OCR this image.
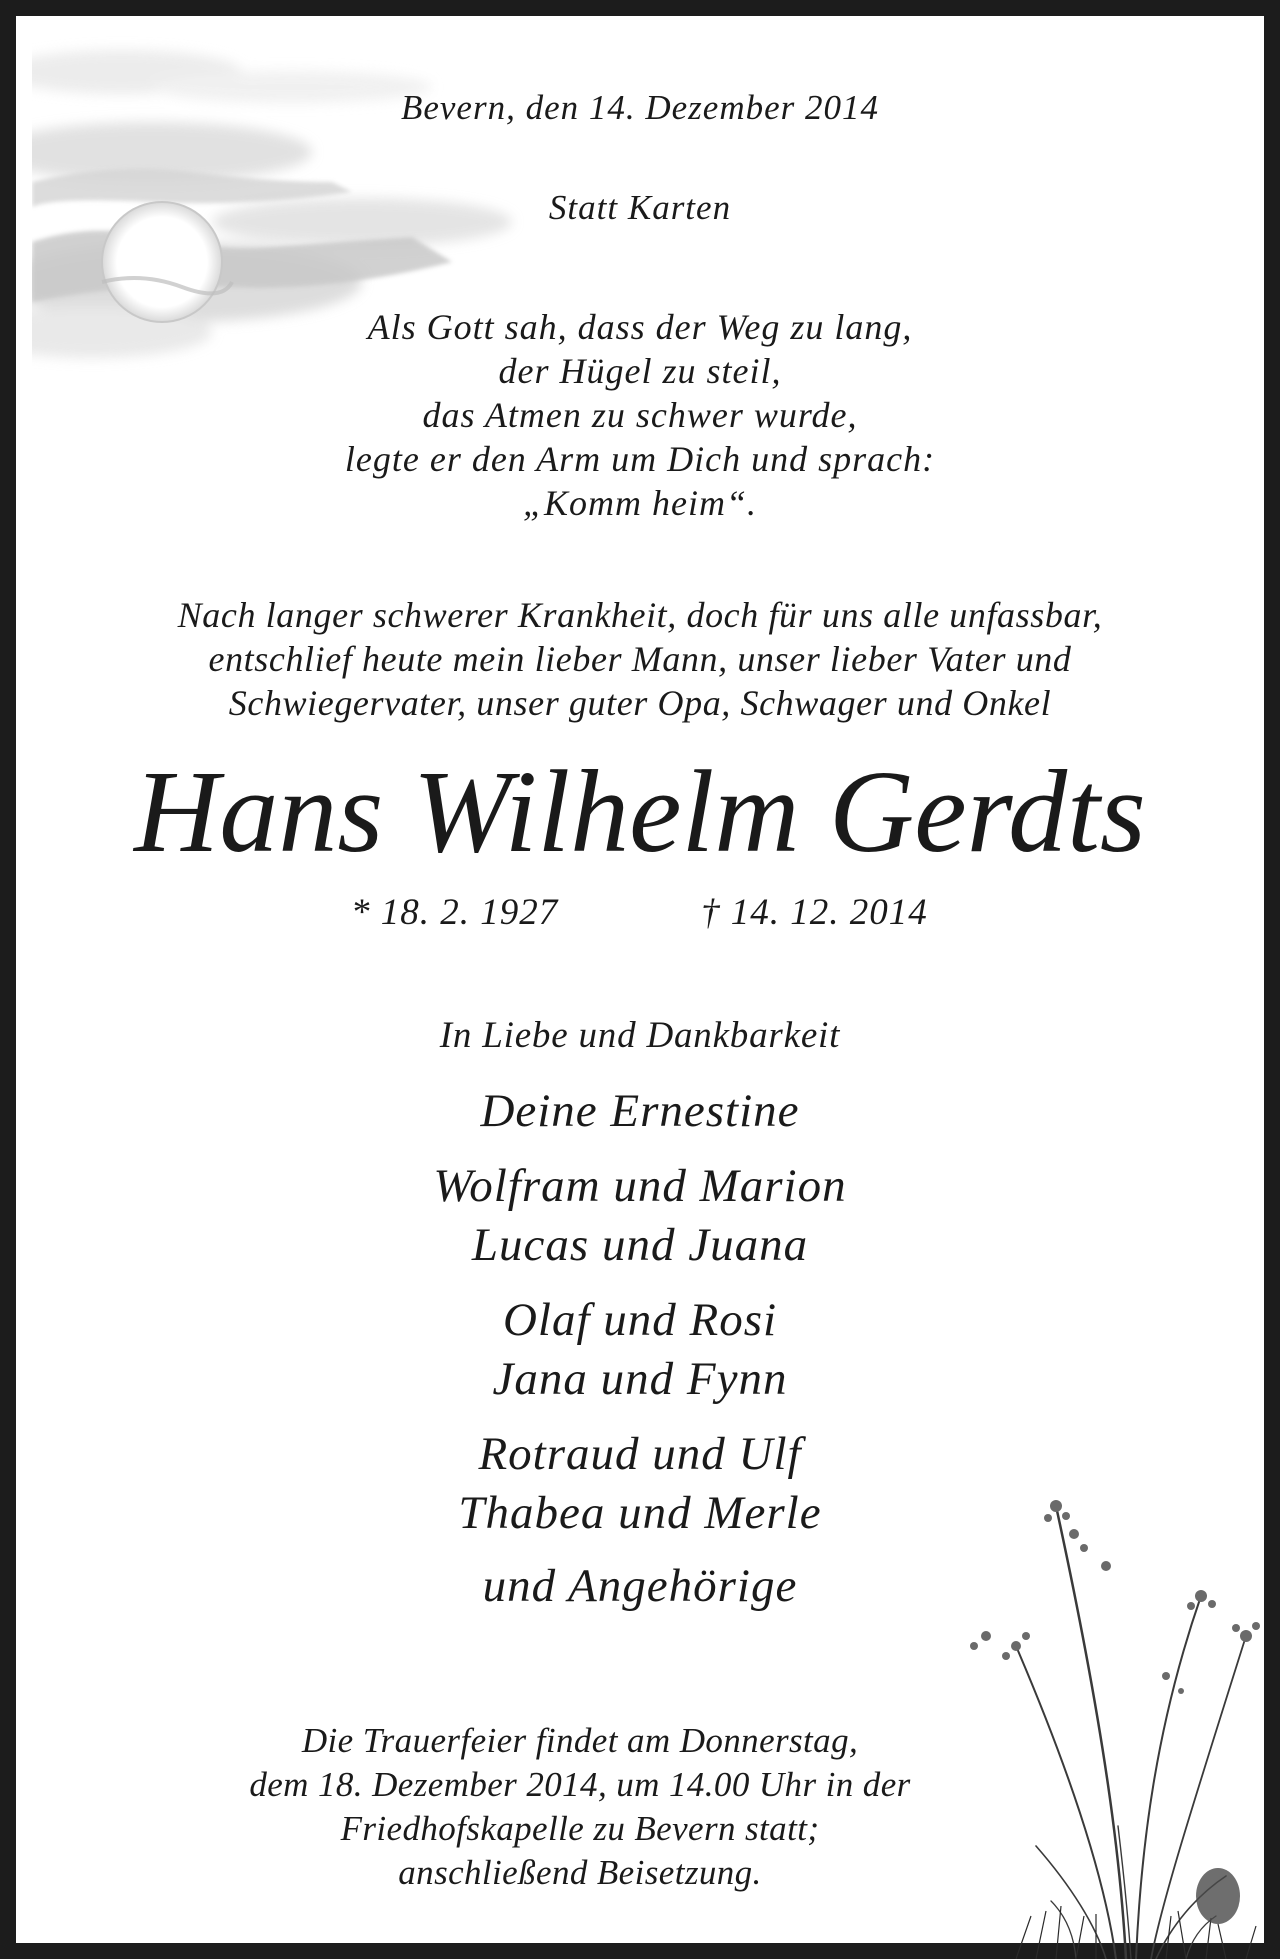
Bevern, den 14. Dezember 2014
Statt Karten
Als Gott sah, dass der Weg zu lang,
der Hügel zu steil,
das Atmen zu schwer wurde,
legte er den Arm um Dich und sprach:
„Komm heim“.
Nach langer schwerer Krankheit, doch für uns alle unfassbar,
entschlief heute mein lieber Mann, unser lieber Vater und
Schwiegervater, unser guter Opa, Schwager und Onkel
Hans Wilhelm Gerdts
* 18. 2. 1927	† 14. 12. 2014
In Liebe und Dankbarkeit
Deine Ernestine
Wolfram und Marion
Lucas und Juana
Olaf und Rosi
Jana und Fynn
Rotraud und Ulf
Thabea und Merle
und Angehörige
Die Trauerfeier findet am Donnerstag,
dem 18. Dezember 2014, um 14.00 Uhr in der
Friedhofskapelle zu Bevern statt;
anschließend Beisetzung.
